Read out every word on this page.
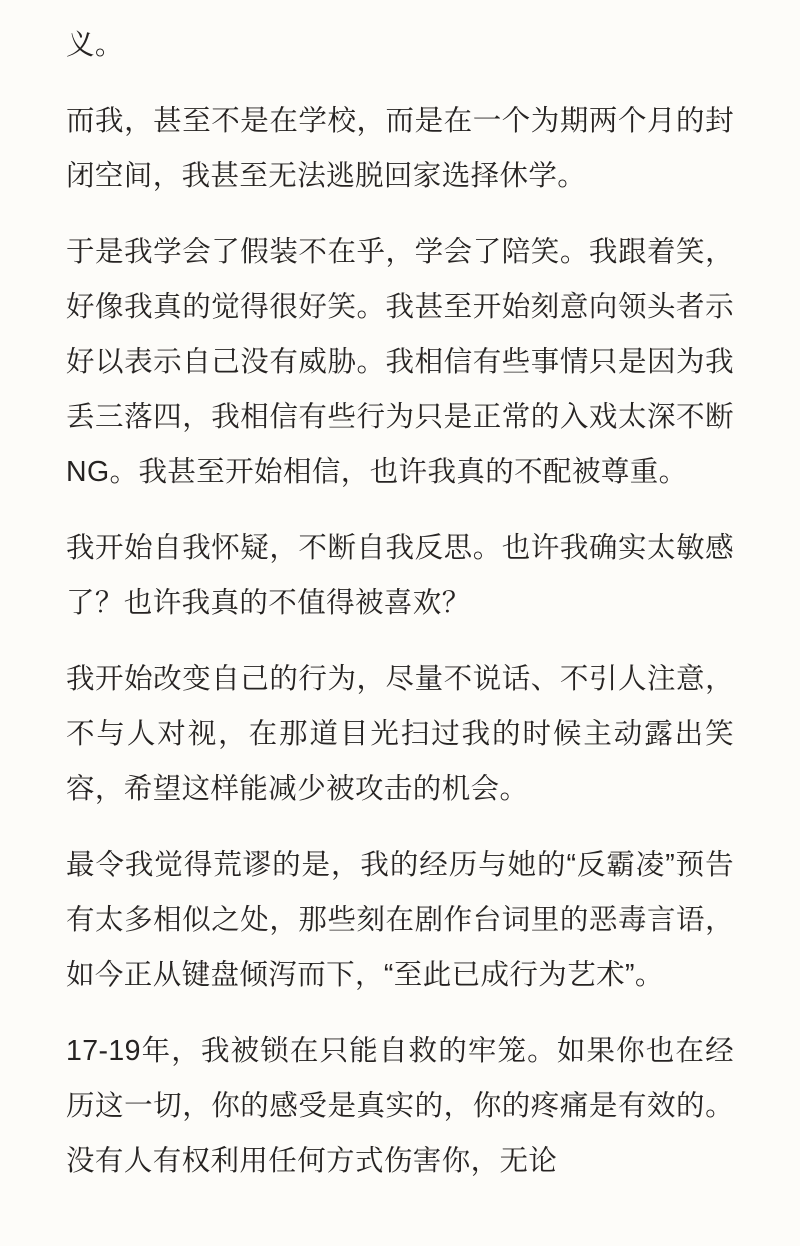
义。

而我，甚至不是在学校，而是在一个为期两个月的封闭空间，我甚至无法逃脱回家选择休学。

于是我学会了假装不在乎，学会了陪笑。我跟着笑，好像我真的觉得很好笑。我甚至开始刻意向领头者示好以表示自己没有威胁。我相信有些事情只是因为我丢三落四，我相信有些行为只是正常的入戏太深不断NG。我甚至开始相信，也许我真的不配被尊重。

我开始自我怀疑，不断自我反思。也许我确实太敏感了？也许我真的不值得被喜欢？

我开始改变自己的行为，尽量不说话、不引人注意，不与人对视，在那道目光扫过我的时候主动露出笑容，希望这样能减少被攻击的机会。

最令我觉得荒谬的是，我的经历与她的“反霸凌”预告有太多相似之处，那些刻在剧作台词里的恶毒言语，如今正从键盘倾泻而下，“至此已成行为艺术”。

17-19年，我被锁在只能自救的牢笼。如果你也在经历这一切，你的感受是真实的，你的疼痛是有效的。没有人有权利用任何方式伤害你，无论
